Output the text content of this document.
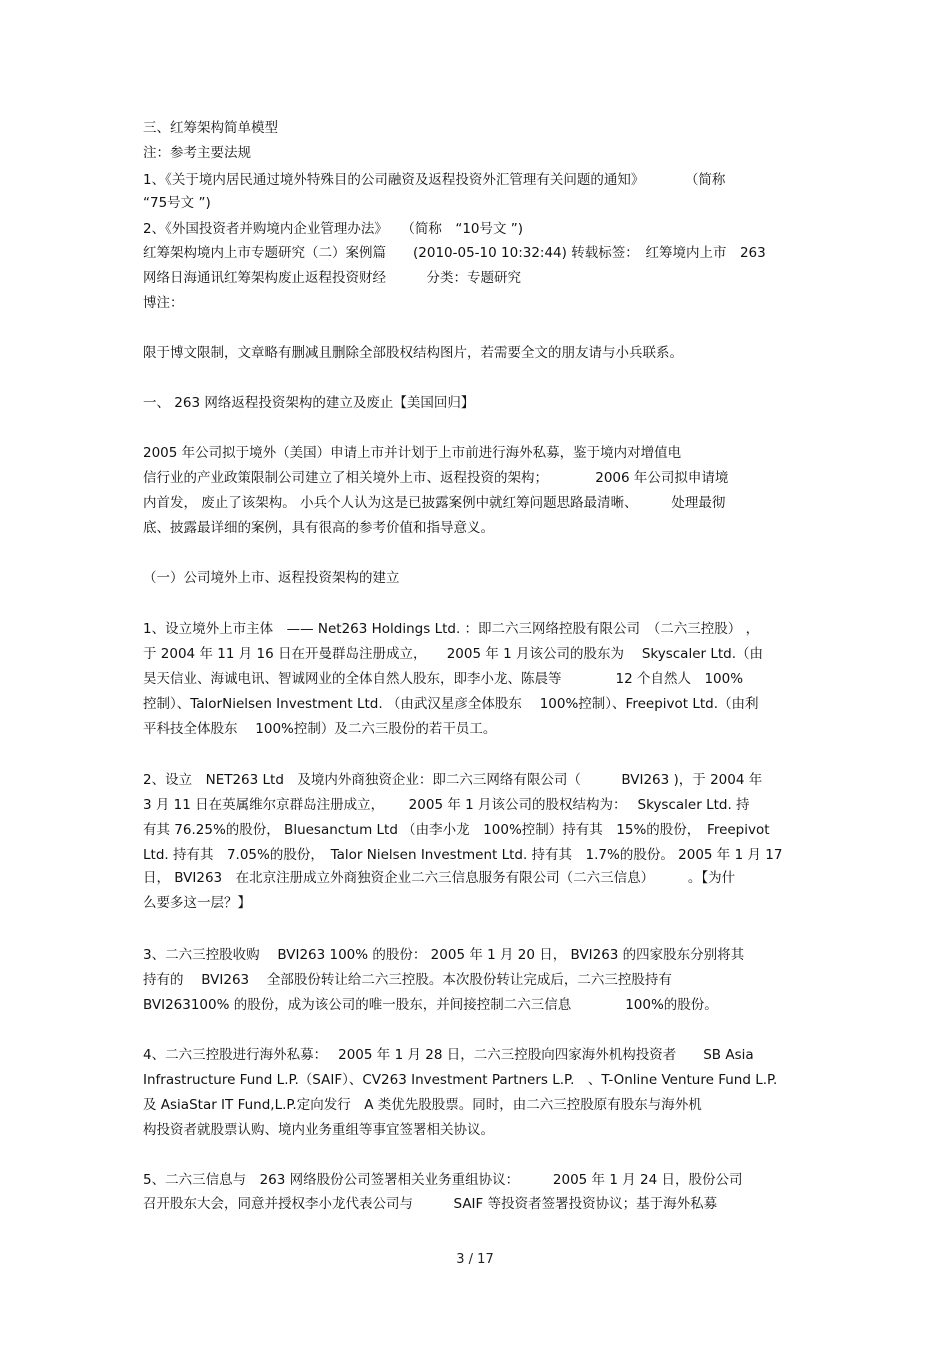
三、红筹架构简单模型
注：参考主要法规
1、《关于境内居民通过境外特殊目的公司融资及返程投资外汇管理有关问题的通知》　　　　（简称
“75号文 ”)
2、《外国投资者并购境内企业管理办法》　　（简称　“10号文 ”)
红筹架构境内上市专题研究（二）案例篇　　(2010-05-10 10:32:44) 转载标签：　红筹境内上市　263
网络日海通讯红筹架构废止返程投资财经　　　分类：专题研究
博注：
限于博文限制，文章略有删减且删除全部股权结构图片，若需要全文的朋友请与小兵联系。
一、 263 网络返程投资架构的建立及废止【美国回归】
2005 年公司拟于境外（美国）申请上市并计划于上市前进行海外私募，鉴于境内对增值电
信行业的产业政策限制公司建立了相关境外上市、返程投资的架构；　　　　2006 年公司拟申请境
内首发， 废止了该架构。 小兵个人认为这是已披露案例中就红筹问题思路最清晰、　　　处理最彻
底、披露最详细的案例，具有很高的参考价值和指导意义。
（一）公司境外上市、返程投资架构的建立
1、设立境外上市主体　—— Net263 Holdings Ltd. ：即二六三网络控股有限公司　（二六三控股） ，
于 2004 年 11 月 16 日在开曼群岛注册成立，　　2005 年 1 月该公司的股东为　 Skyscaler Ltd.（由
昊天信业、海诚电讯、智诚网业的全体自然人股东，即李小龙、陈晨等　　　　12 个自然人　100%
控制）、TalorNielsen Investment Ltd. （由武汉星彦全体股东　 100%控制）、Freepivot Ltd.（由利
平科技全体股东　 100%控制）及二六三股份的若干员工。
2、设立　NET263 Ltd　及境内外商独资企业：即二六三网络有限公司（　　　BVI263 )，于 2004 年
3 月 11 日在英属维尔京群岛注册成立，　　 2005 年 1 月该公司的股权结构为：　 Skyscaler Ltd. 持
有其 76.25%的股份， Bluesanctum Ltd （由李小龙　100%控制）持有其　15%的股份，　Freepivot
Ltd. 持有其　7.05%的股份，　Talor Nielsen Investment Ltd. 持有其　1.7%的股份。 2005 年 1 月 17
日， BVI263　在北京注册成立外商独资企业二六三信息服务有限公司（二六三信息）　　　。【为什
么要多这一层？】
3、二六三控股收购　 BVI263 100% 的股份： 2005 年 1 月 20 日， BVI263 的四家股东分别将其
持有的　 BVI263　 全部股份转让给二六三控股。本次股份转让完成后，二六三控股持有
BVI263100% 的股份，成为该公司的唯一股东，并间接控制二六三信息　　　　100%的股份。
4、二六三控股进行海外私募：　 2005 年 1 月 28 日，二六三控股向四家海外机构投资者　　SB Asia
Infrastructure Fund L.P.（SAIF）、CV263 Investment Partners L.P.　、T-Online Venture Fund L.P.
及 AsiaStar IT Fund,L.P.定向发行　A 类优先股股票。同时，由二六三控股原有股东与海外机
构投资者就股票认购、境内业务重组等事宜签署相关协议。
5、二六三信息与　263 网络股份公司签署相关业务重组协议：　　　2005 年 1 月 24 日，股份公司
召开股东大会，同意并授权李小龙代表公司与　　　SAIF 等投资者签署投资协议；基于海外私募
3 / 17
